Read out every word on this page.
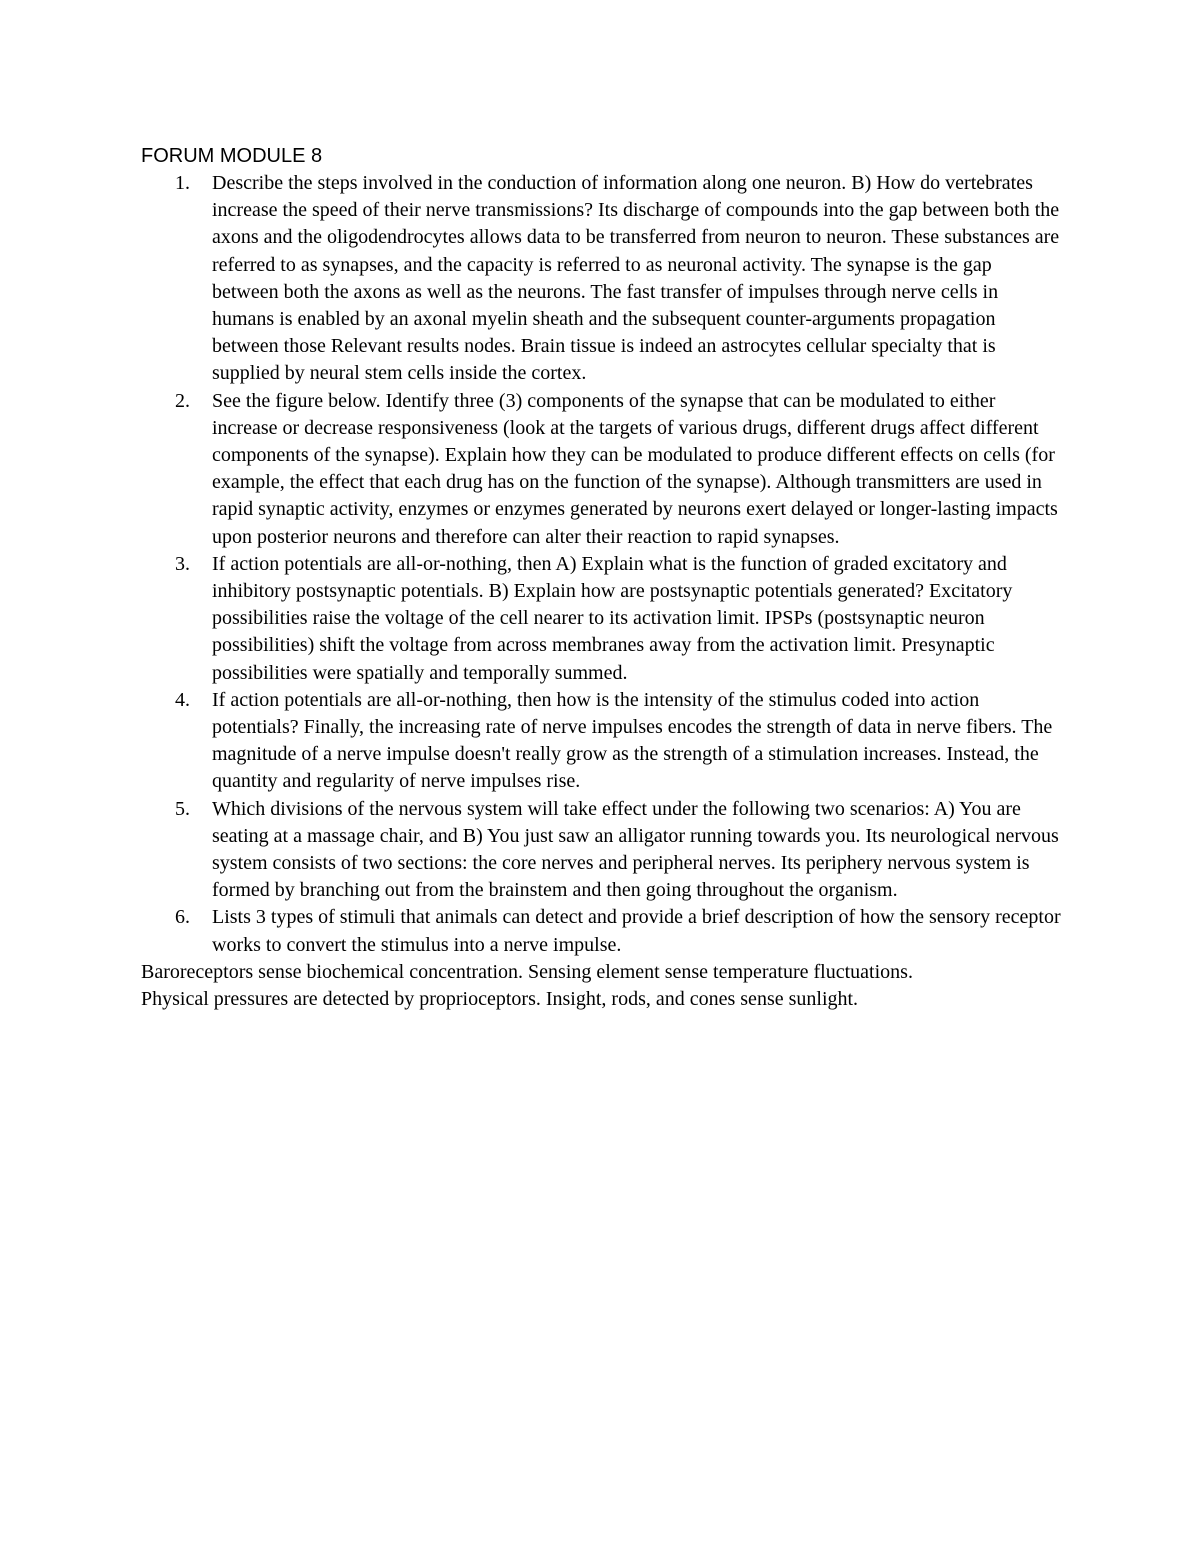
FORUM MODULE 8
1. Describe the steps involved in the conduction of information along one neuron. B) How do vertebrates increase the speed of their nerve transmissions? Its discharge of compounds into the gap between both the axons and the oligodendrocytes allows data to be transferred from neuron to neuron. These substances are referred to as synapses, and the capacity is referred to as neuronal activity. The synapse is the gap between both the axons as well as the neurons. The fast transfer of impulses through nerve cells in humans is enabled by an axonal myelin sheath and the subsequent counter-arguments propagation between those Relevant results nodes. Brain tissue is indeed an astrocytes cellular specialty that is supplied by neural stem cells inside the cortex.
2. See the figure below. Identify three (3) components of the synapse that can be modulated to either increase or decrease responsiveness (look at the targets of various drugs, different drugs affect different components of the synapse). Explain how they can be modulated to produce different effects on cells (for example, the effect that each drug has on the function of the synapse). Although transmitters are used in rapid synaptic activity, enzymes or enzymes generated by neurons exert delayed or longer-lasting impacts upon posterior neurons and therefore can alter their reaction to rapid synapses.
3. If action potentials are all-or-nothing, then A) Explain what is the function of graded excitatory and inhibitory postsynaptic potentials. B) Explain how are postsynaptic potentials generated? Excitatory possibilities raise the voltage of the cell nearer to its activation limit. IPSPs (postsynaptic neuron possibilities) shift the voltage from across membranes away from the activation limit. Presynaptic possibilities were spatially and temporally summed.
4. If action potentials are all-or-nothing, then how is the intensity of the stimulus coded into action potentials? Finally, the increasing rate of nerve impulses encodes the strength of data in nerve fibers. The magnitude of a nerve impulse doesn't really grow as the strength of a stimulation increases. Instead, the quantity and regularity of nerve impulses rise.
5. Which divisions of the nervous system will take effect under the following two scenarios: A) You are seating at a massage chair, and B) You just saw an alligator running towards you. Its neurological nervous system consists of two sections: the core nerves and peripheral nerves. Its periphery nervous system is formed by branching out from the brainstem and then going throughout the organism.
6. Lists 3 types of stimuli that animals can detect and provide a brief description of how the sensory receptor works to convert the stimulus into a nerve impulse.

Baroreceptors sense biochemical concentration. Sensing element sense temperature fluctuations.

Physical pressures are detected by proprioceptors. Insight, rods, and cones sense sunlight.
